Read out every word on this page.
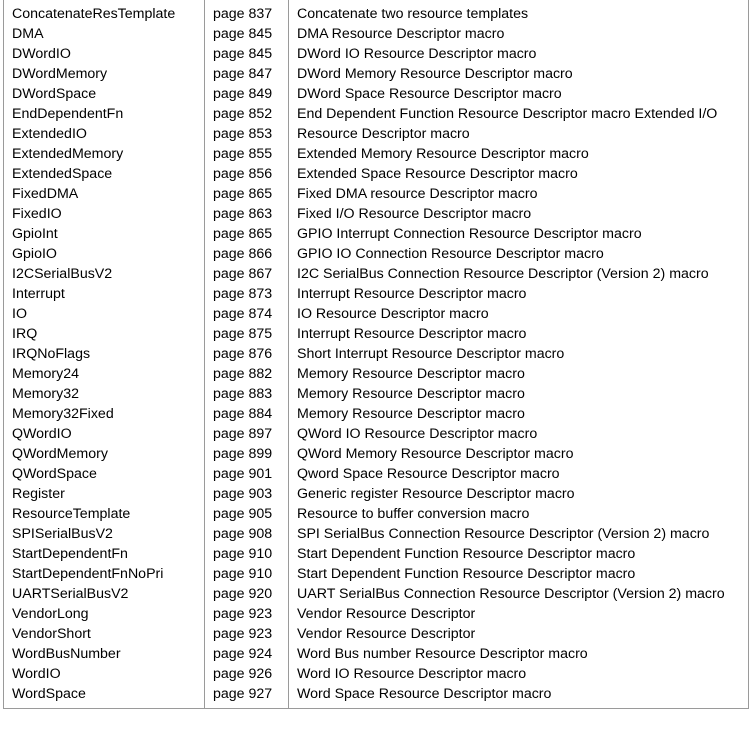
ConcatenateResTemplate	page 837	Concatenate two resource templates
DMA	page 845	DMA Resource Descriptor macro
DWordIO	page 845	DWord IO Resource Descriptor macro
DWordMemory	page 847	DWord Memory Resource Descriptor macro
DWordSpace	page 849	DWord Space Resource Descriptor macro
EndDependentFn	page 852	End Dependent Function Resource Descriptor macro Extended I/O
ExtendedIO	page 853	Resource Descriptor macro
ExtendedMemory	page 855	Extended Memory Resource Descriptor macro
ExtendedSpace	page 856	Extended Space Resource Descriptor macro
FixedDMA	page 865	Fixed DMA resource Descriptor macro
FixedIO	page 863	Fixed I/O Resource Descriptor macro
GpioInt	page 865	GPIO Interrupt Connection Resource Descriptor macro
GpioIO	page 866	GPIO IO Connection Resource Descriptor macro
I2CSerialBusV2	page 867	I2C SerialBus Connection Resource Descriptor (Version 2) macro
Interrupt	page 873	Interrupt Resource Descriptor macro
IO	page 874	IO Resource Descriptor macro
IRQ	page 875	Interrupt Resource Descriptor macro
IRQNoFlags	page 876	Short Interrupt Resource Descriptor macro
Memory24	page 882	Memory Resource Descriptor macro
Memory32	page 883	Memory Resource Descriptor macro
Memory32Fixed	page 884	Memory Resource Descriptor macro
QWordIO	page 897	QWord IO Resource Descriptor macro
QWordMemory	page 899	QWord Memory Resource Descriptor macro
QWordSpace	page 901	Qword Space Resource Descriptor macro
Register	page 903	Generic register Resource Descriptor macro
ResourceTemplate	page 905	Resource to buffer conversion macro
SPISerialBusV2	page 908	SPI SerialBus Connection Resource Descriptor (Version 2) macro
StartDependentFn	page 910	Start Dependent Function Resource Descriptor macro
StartDependentFnNoPri	page 910	Start Dependent Function Resource Descriptor macro
UARTSerialBusV2	page 920	UART SerialBus Connection Resource Descriptor (Version 2) macro
VendorLong	page 923	Vendor Resource Descriptor
VendorShort	page 923	Vendor Resource Descriptor
WordBusNumber	page 924	Word Bus number Resource Descriptor macro
WordIO	page 926	Word IO Resource Descriptor macro
WordSpace	page 927	Word Space Resource Descriptor macro
